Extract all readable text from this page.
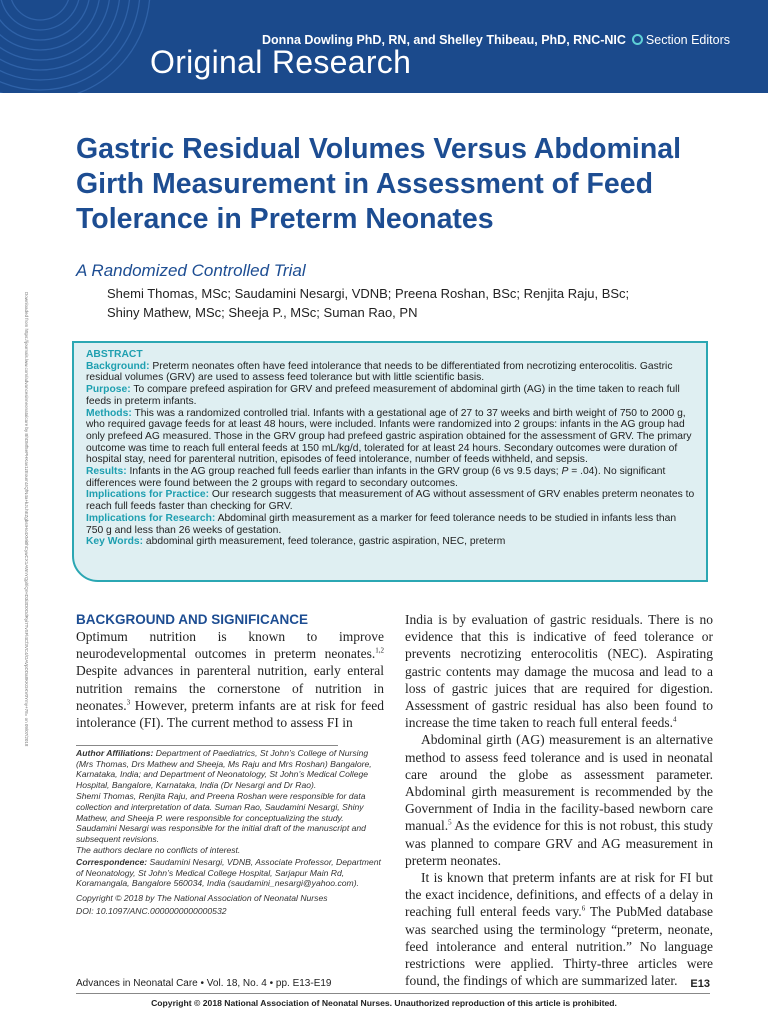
Donna Dowling PhD, RN, and Shelley Thibeau, PhD, RNC-NIC Section Editors
Original Research
Downloaded from https://journals.lww.com/advancesinneonatalcare by BhDMf5ePHKav1zEoum1tQfN4a+kJLhEZgbsIHo4XMi0hCywCX1AWnYQp/IlQrHD3i3D0OdRyi7TvSFl4Cf3VC4/OAVpDDa8KKGKV0Ymy+78= on 09/07/2018
Gastric Residual Volumes Versus Abdominal Girth Measurement in Assessment of Feed Tolerance in Preterm Neonates
A Randomized Controlled Trial
Shemi Thomas, MSc; Saudamini Nesargi, VDNB; Preena Roshan, BSc; Renjita Raju, BSc;
Shiny Mathew, MSc; Sheeja P., MSc; Suman Rao, PN

ABSTRACT

Background: Preterm neonates often have feed intolerance that needs to be differentiated from necrotizing enterocolitis. Gastric residual volumes (GRV) are used to assess feed tolerance but with little scientific basis.

Purpose: To compare prefeed aspiration for GRV and prefeed measurement of abdominal girth (AG) in the time taken to reach full feeds in preterm infants.

Methods: This was a randomized controlled trial. Infants with a gestational age of 27 to 37 weeks and birth weight of 750 to 2000 g, who required gavage feeds for at least 48 hours, were included. Infants were randomized into 2 groups: infants in the AG group had only prefeed AG measured. Those in the GRV group had prefeed gastric aspiration obtained for the assessment of GRV. The primary outcome was time to reach full enteral feeds at 150 mL/kg/d, tolerated for at least 24 hours. Secondary outcomes were duration of hospital stay, need for parenteral nutrition, episodes of feed intolerance, number of feeds withheld, and sepsis.

Results: Infants in the AG group reached full feeds earlier than infants in the GRV group (6 vs 9.5 days; P = .04). No significant differences were found between the 2 groups with regard to secondary outcomes.

Implications for Practice: Our research suggests that measurement of AG without assessment of GRV enables preterm neonates to reach full feeds faster than checking for GRV.

Implications for Research: Abdominal girth measurement as a marker for feed tolerance needs to be studied in infants less than 750 g and less than 26 weeks of gestation.

Key Words: abdominal girth measurement, feed tolerance, gastric aspiration, NEC, preterm

BACKGROUND AND SIGNIFICANCE

Optimum nutrition is known to improve neurodevelopmental outcomes in preterm neonates.$^{1,2}$ Despite advances in parenteral nutrition, early enteral nutrition remains the cornerstone of nutrition in neonates.$^3$ However, preterm infants are at risk for feed intolerance (FI). The current method to assess FI in

Author Affiliations: Department of Paediatrics, St John’s College of Nursing (Mrs Thomas, Drs Mathew and Sheeja, Ms Raju and Mrs Roshan) Bangalore, Karnataka, India; and Department of Neonatology, St John’s Medical College Hospital, Bangalore, Karnataka, India (Dr Nesargi and Dr Rao).

Shemi Thomas, Renjita Raju, and Preena Roshan were responsible for data collection and interpretation of data. Suman Rao, Saudamini Nesargi, Shiny Mathew, and Sheeja P. were responsible for conceptualizing the study. Saudamini Nesargi was responsible for the initial draft of the manuscript and subsequent revisions.

The authors declare no conflicts of interest.

Correspondence: Saudamini Nesargi, VDNB, Associate Professor, Department of Neonatology, St John’s Medical College Hospital, Sarjapur Main Rd, Koramangala, Bangalore 560034, India (saudamini_nesargi@yahoo.com).

Copyright © 2018 by The National Association of Neonatal Nurses

DOI: 10.1097/ANC.0000000000000532

India is by evaluation of gastric residuals. There is no evidence that this is indicative of feed tolerance or prevents necrotizing enterocolitis (NEC). Aspirating gastric contents may damage the mucosa and lead to a loss of gastric juices that are required for digestion. Assessment of gastric residual has also been found to increase the time taken to reach full enteral feeds.$^4$

Abdominal girth (AG) measurement is an alternative method to assess feed tolerance and is used in neonatal care around the globe as assessment parameter. Abdominal girth measurement is recommended by the Government of India in the facility-based newborn care manual.$^5$ As the evidence for this is not robust, this study was planned to compare GRV and AG measurement in preterm neonates.

It is known that preterm infants are at risk for FI but the exact incidence, definitions, and effects of a delay in reaching full enteral feeds vary.$^6$ The PubMed database was searched using the terminology “preterm, neonate, feed intolerance and enteral nutrition.” No language restrictions were applied. Thirty-three articles were found, the findings of which are summarized later.

Advances in Neonatal Care • Vol. 18, No. 4 • pp. E13-E19	E13
Copyright © 2018 National Association of Neonatal Nurses. Unauthorized reproduction of this article is prohibited.
